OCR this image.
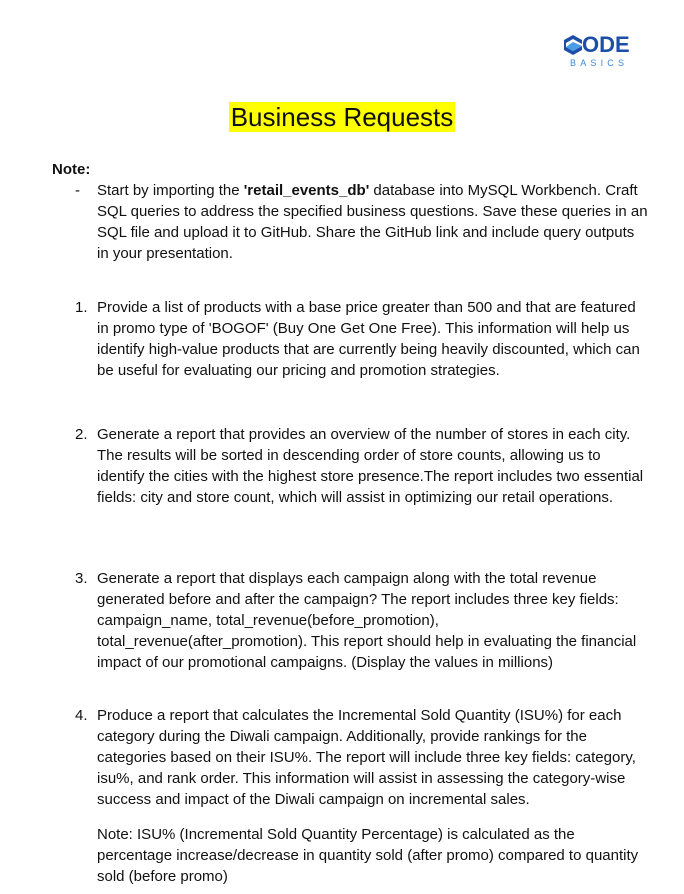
ODE
BASICS
Business Requests
Note:
- Start by importing the 'retail_events_db' database into MySQL Workbench. Craft SQL queries to address the specified business questions. Save these queries in an SQL file and upload it to GitHub. Share the GitHub link and include query outputs in your presentation.
1. Provide a list of products with a base price greater than 500 and that are featured in promo type of 'BOGOF' (Buy One Get One Free). This information will help us identify high-value products that are currently being heavily discounted, which can be useful for evaluating our pricing and promotion strategies.
2. Generate a report that provides an overview of the number of stores in each city. The results will be sorted in descending order of store counts, allowing us to identify the cities with the highest store presence.The report includes two essential fields: city and store count, which will assist in optimizing our retail operations.
3. Generate a report that displays each campaign along with the total revenue generated before and after the campaign? The report includes three key fields: campaign_name, total_revenue(before_promotion), total_revenue(after_promotion). This report should help in evaluating the financial impact of our promotional campaigns. (Display the values in millions)
4. Produce a report that calculates the Incremental Sold Quantity (ISU%) for each category during the Diwali campaign. Additionally, provide rankings for the categories based on their ISU%. The report will include three key fields: category, isu%, and rank order. This information will assist in assessing the category-wise success and impact of the Diwali campaign on incremental sales.
Note: ISU% (Incremental Sold Quantity Percentage) is calculated as the percentage increase/decrease in quantity sold (after promo) compared to quantity sold (before promo)
